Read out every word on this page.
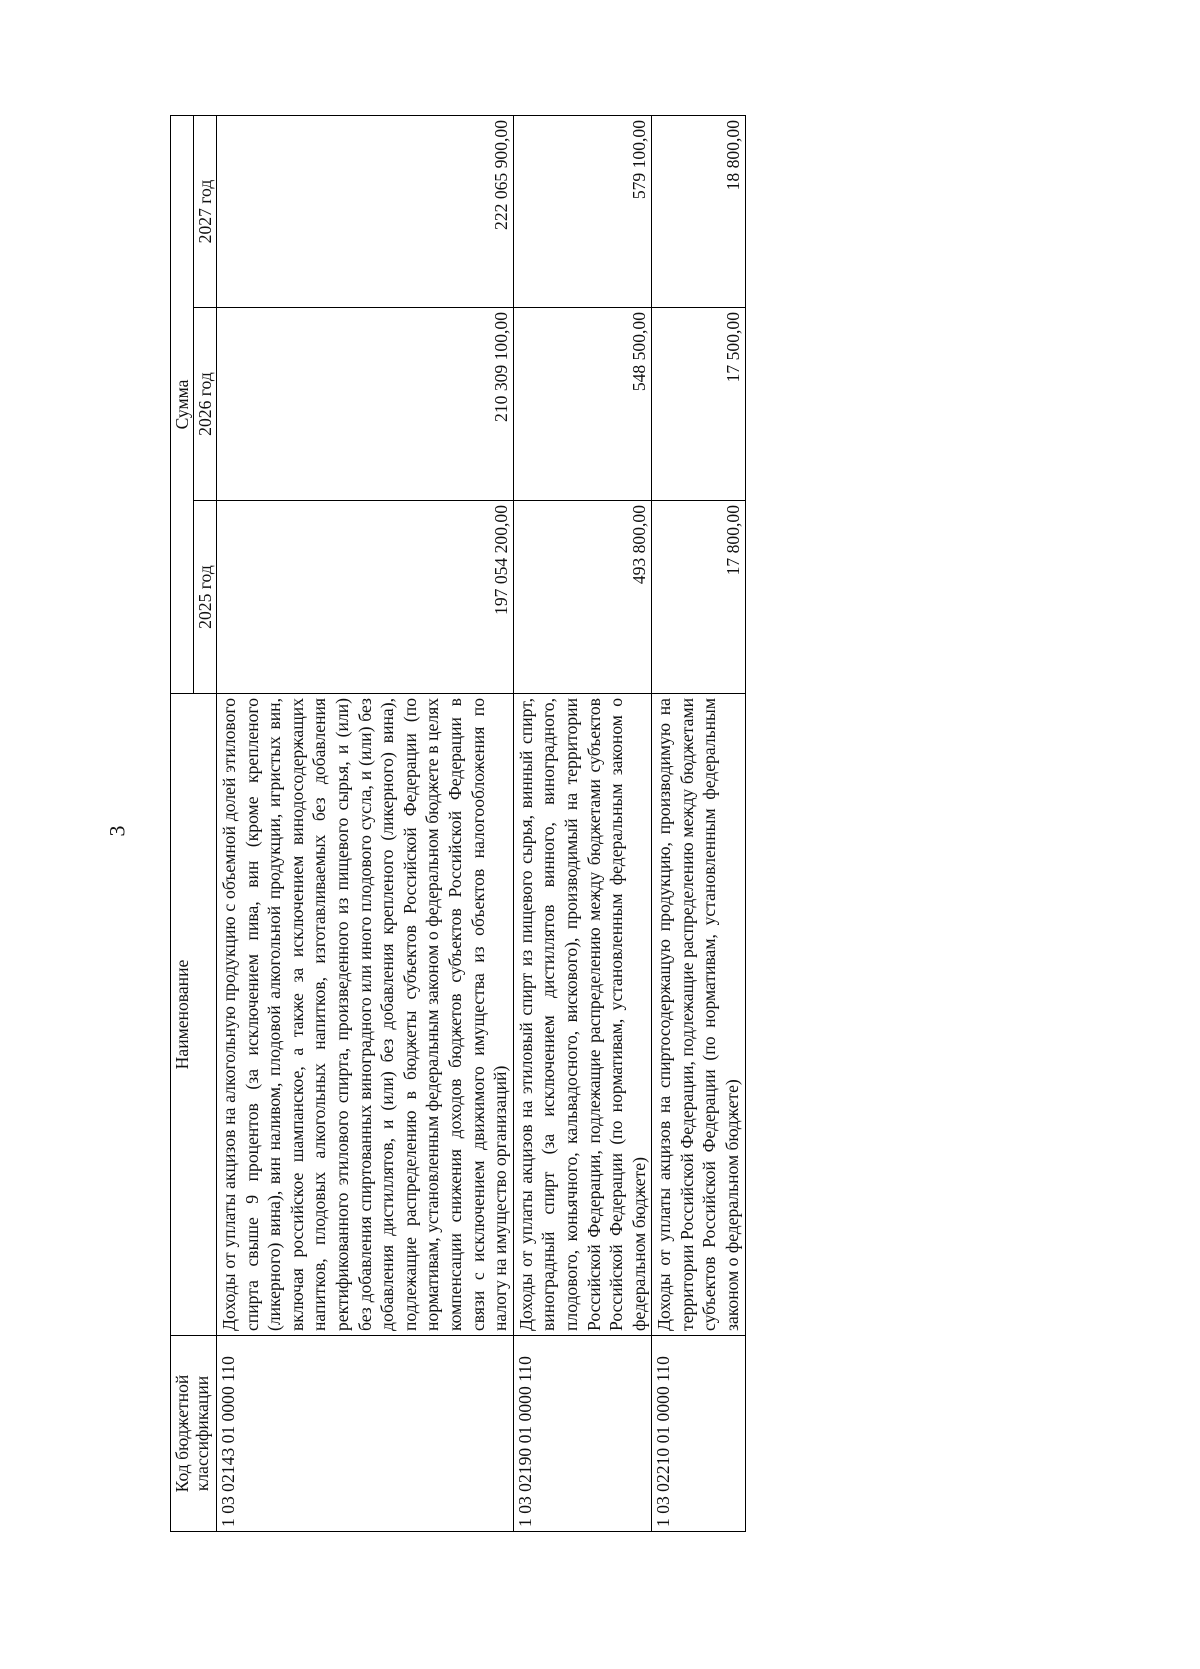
3
Код бюджетной классификации	Наименование	Сумма		
		2025 год	2026 год	2027 год
1 03 02143 01 0000 110	Доходы от уплаты акцизов на алкогольную продукцию с объемной долей этилового спирта свыше 9 процентов (за исключением пива, вин (кроме крепленого (ликерного) вина), вин наливом, плодовой алкогольной продукции, игристых вин, включая российское шампанское, а также за исключением винодосодержащих напитков, плодовых алкогольных напитков, изготавливаемых без добавления ректификованного этилового спирта, произведенного из пищевого сырья, и (или) без добавления спиртованных виноградного или иного плодового сусла, и (или) без добавления дистиллятов, и (или) без добавления крепленого (ликерного) вина), подлежащие распределению в бюджеты субъектов Российской Федерации (по нормативам, установленным федеральным законом о федеральном бюджете в целях компенсации снижения доходов бюджетов субъектов Российской Федерации в связи с исключением движимого имущества из объектов налогообложения по налогу на имущество организаций)	197 054 200,00	210 309 100,00	222 065 900,00
1 03 02190 01 0000 110	Доходы от уплаты акцизов на этиловый спирт из пищевого сырья, винный спирт, виноградный спирт (за исключением дистиллятов винного, виноградного, плодового, коньячного, кальвадосного, вискового), производимый на территории Российской Федерации, подлежащие распределению между бюджетами субъектов Российской Федерации (по нормативам, установленным федеральным законом о федеральном бюджете)	493 800,00	548 500,00	579 100,00
1 03 02210 01 0000 110	Доходы от уплаты акцизов на спиртосодержащую продукцию, производимую на территории Российской Федерации, подлежащие распределению между бюджетами субъектов Российской Федерации (по нормативам, установленным федеральным законом о федеральном бюджете)	17 800,00	17 500,00	18 800,00
